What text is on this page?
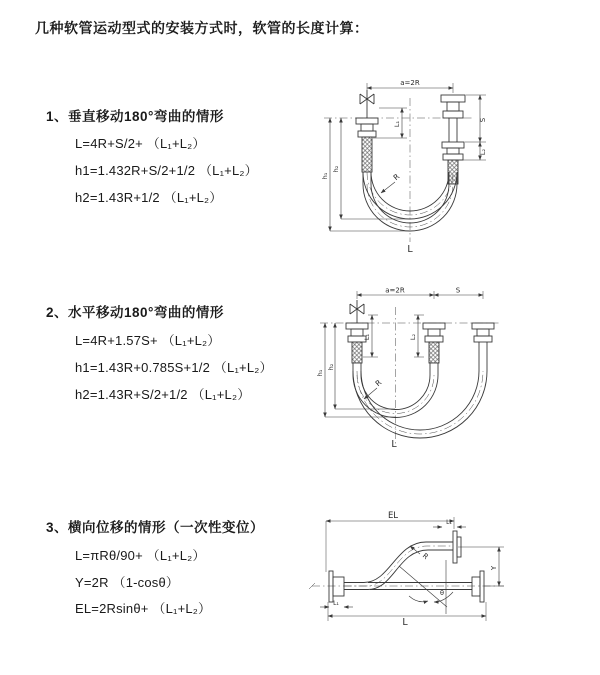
几种软管运动型式的安装方式时，软管的长度计算：
1、垂直移动180°弯曲的情形
L=4R+S/2+ （L₁+L₂）
h1=1.432R+S/2+1/2 （L₁+L₂）
h2=1.43R+1/2 （L₁+L₂）
2、水平移动180°弯曲的情形
L=4R+1.57S+ （L₁+L₂）
h1=1.43R+0.785S+1/2 （L₁+L₂）
h2=1.43R+S/2+1/2 （L₁+L₂）
3、横向位移的情形（一次性变位）
L=πRθ/90+ （L₁+L₂）
Y=2R （1-cosθ）
EL=2Rsinθ+ （L₁+L₂）
a=2R
S
L₂
L₁
h₁
h₂
R
L
a=2R	S
L₁	L₂
h₁
h₂
R
L
EL
L₁
Y
R
θ
L
L₁
